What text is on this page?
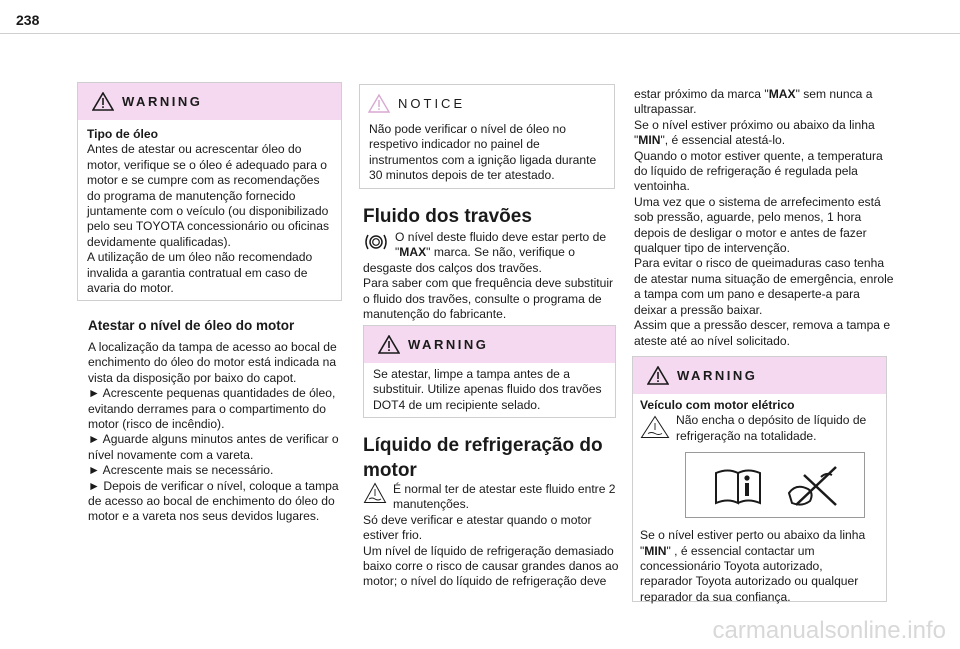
238
WARNING

Tipo de óleo

Antes de atestar ou acrescentar óleo do motor, verifique se o óleo é adequado para o motor e se cumpre com as recomendações do programa de manutenção fornecido juntamente com o veículo (ou disponibilizado pelo seu TOYOTA concessionário ou oficinas devidamente qualificadas).

A utilização de um óleo não recomendado invalida a garantia contratual em caso de avaria do motor.

Atestar o nível de óleo do motor

A localização da tampa de acesso ao bocal de enchimento do óleo do motor está indicada na vista da disposição por baixo do capot.

► Acrescente pequenas quantidades de óleo, evitando derrames para o compartimento do motor (risco de incêndio).

► Aguarde alguns minutos antes de verificar o nível novamente com a vareta.

► Acrescente mais se necessário.

► Depois de verificar o nível, coloque a tampa de acesso ao bocal de enchimento do óleo do motor e a vareta nos seus devidos lugares.

NOTICE

Não pode verificar o nível de óleo no respetivo indicador no painel de instrumentos com a ignição ligada durante 30 minutos depois de ter atestado.

Fluido dos travões

O nível deste fluido deve estar perto de "MAX" marca. Se não, verifique o desgaste dos calços dos travões.

Para saber com que frequência deve substituir o fluido dos travões, consulte o programa de manutenção do fabricante.

WARNING

Se atestar, limpe a tampa antes de a substituir. Utilize apenas fluido dos travões DOT4 de um recipiente selado.

Líquido de refrigeração do motor

É normal ter de atestar este fluido entre 2 manutenções.

Só deve verificar e atestar quando o motor estiver frio.

Um nível de líquido de refrigeração demasiado baixo corre o risco de causar grandes danos ao motor; o nível do líquido de refrigeração deve

estar próximo da marca "MAX" sem nunca a ultrapassar.

Se o nível estiver próximo ou abaixo da linha "MIN", é essencial atestá-lo.

Quando o motor estiver quente, a temperatura do líquido de refrigeração é regulada pela ventoinha.

Uma vez que o sistema de arrefecimento está sob pressão, aguarde, pelo menos, 1 hora depois de desligar o motor e antes de fazer qualquer tipo de intervenção.

Para evitar o risco de queimaduras caso tenha de atestar numa situação de emergência, enrole a tampa com um pano e desaperte-a para deixar a pressão baixar.

Assim que a pressão descer, remova a tampa e ateste até ao nível solicitado.

WARNING

Veículo com motor elétrico

Não encha o depósito de líquido de refrigeração na totalidade.

Se o nível estiver perto ou abaixo da linha "MIN" , é essencial contactar um concessionário Toyota autorizado, reparador Toyota autorizado ou qualquer reparador da sua confiança.

carmanualsonline.info
